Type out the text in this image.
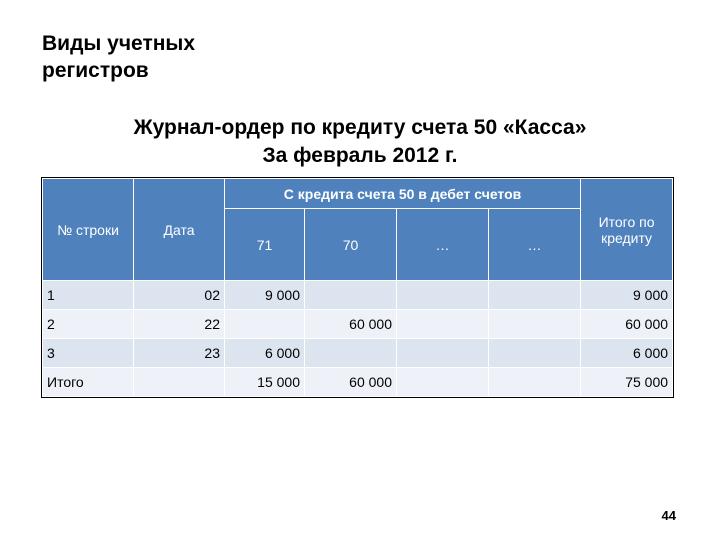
Виды учетных регистров
Журнал-ордер по кредиту счета 50 «Касса»
За февраль 2012 г.
№ строки	Дата	С кредита счета 50 в дебет счетов				Итого по кредиту
		71	70	…	…	
1	02	9 000				9 000
2	22		60 000			60 000
3	23	6 000				6 000
Итого		15 000	60 000			75 000
44
